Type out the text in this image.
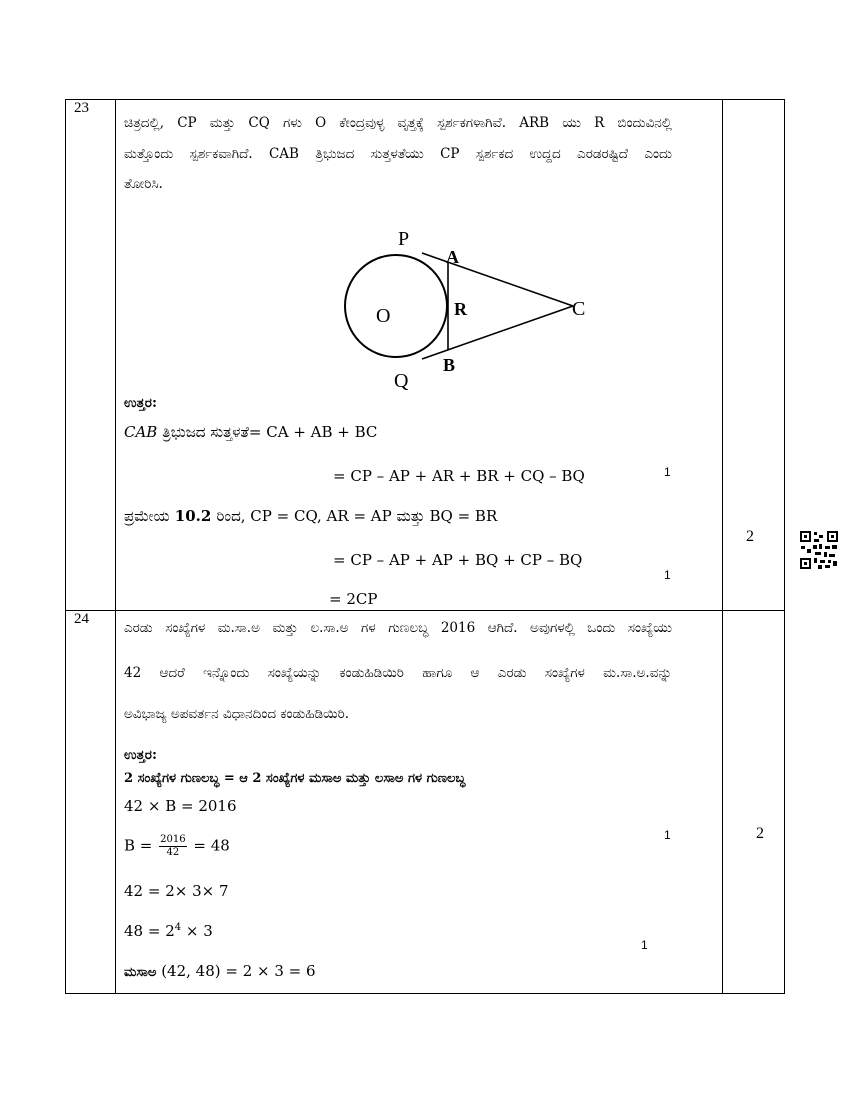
23
ಚಿತ್ರದಲ್ಲಿ, CP ಮತ್ತು CQ ಗಳು O ಕೇಂದ್ರವುಳ್ಳ ವೃತ್ತಕ್ಕೆ ಸ್ಪರ್ಶಕಗಳಾಗಿವೆ. ARB ಯು R ಬಿಂದುವಿನಲ್ಲಿ
ಮತ್ತೊಂದು ಸ್ಪರ್ಶಕವಾಗಿದೆ. CAB ತ್ರಿಭುಜದ ಸುತ್ತಳತೆಯು CP ಸ್ಪರ್ಶಕದ ಉದ್ದದ ಎರಡರಷ್ಟಿದೆ ಎಂದು
ತೋರಿಸಿ.
P
A
O	R	C
B
Q
ಉತ್ತರ:
CAB ತ್ರಿಭುಜದ ಸುತ್ತಳತೆ= CA + AB + BC
= CP – AP + AR + BR + CQ – BQ	1
ಪ್ರಮೇಯ 10.2 ರಿಂದ, CP = CQ, AR = AP ಮತ್ತು BQ = BR
= CP – AP + AP + BQ + CP – BQ
1
= 2CP
2
24
ಎರಡು ಸಂಖ್ಯೆಗಳ ಮ.ಸಾ.ಅ ಮತ್ತು ಲ.ಸಾ.ಅ ಗಳ ಗುಣಲಬ್ಧ 2016 ಆಗಿದೆ. ಅವುಗಳಲ್ಲಿ ಒಂದು ಸಂಖ್ಯೆಯು
42 ಆದರೆ ಇನ್ನೊಂದು ಸಂಖ್ಯೆಯನ್ನು ಕಂಡುಹಿಡಿಯಿರಿ ಹಾಗೂ ಆ ಎರಡು ಸಂಖ್ಯೆಗಳ ಮ.ಸಾ.ಅ.ವನ್ನು
ಅವಿಭಾಜ್ಯ ಅಪವರ್ತನ ವಿಧಾನದಿಂದ ಕಂಡುಹಿಡಿಯಿರಿ.
ಉತ್ತರ:
2 ಸಂಖ್ಯೆಗಳ ಗುಣಲಬ್ಧ = ಆ 2 ಸಂಖ್ಯೆಗಳ ಮಸಾಅ ಮತ್ತು ಲಸಾಅ ಗಳ ಗುಣಲಬ್ಧ
42 × B = 2016
$B = \frac{2016}{42} = 48$
1
42 = 2× 3× 7
$48 = 2^4 \times 3$
1
ಮಸಾಅ (42, 48) = 2 × 3 = 6
2
